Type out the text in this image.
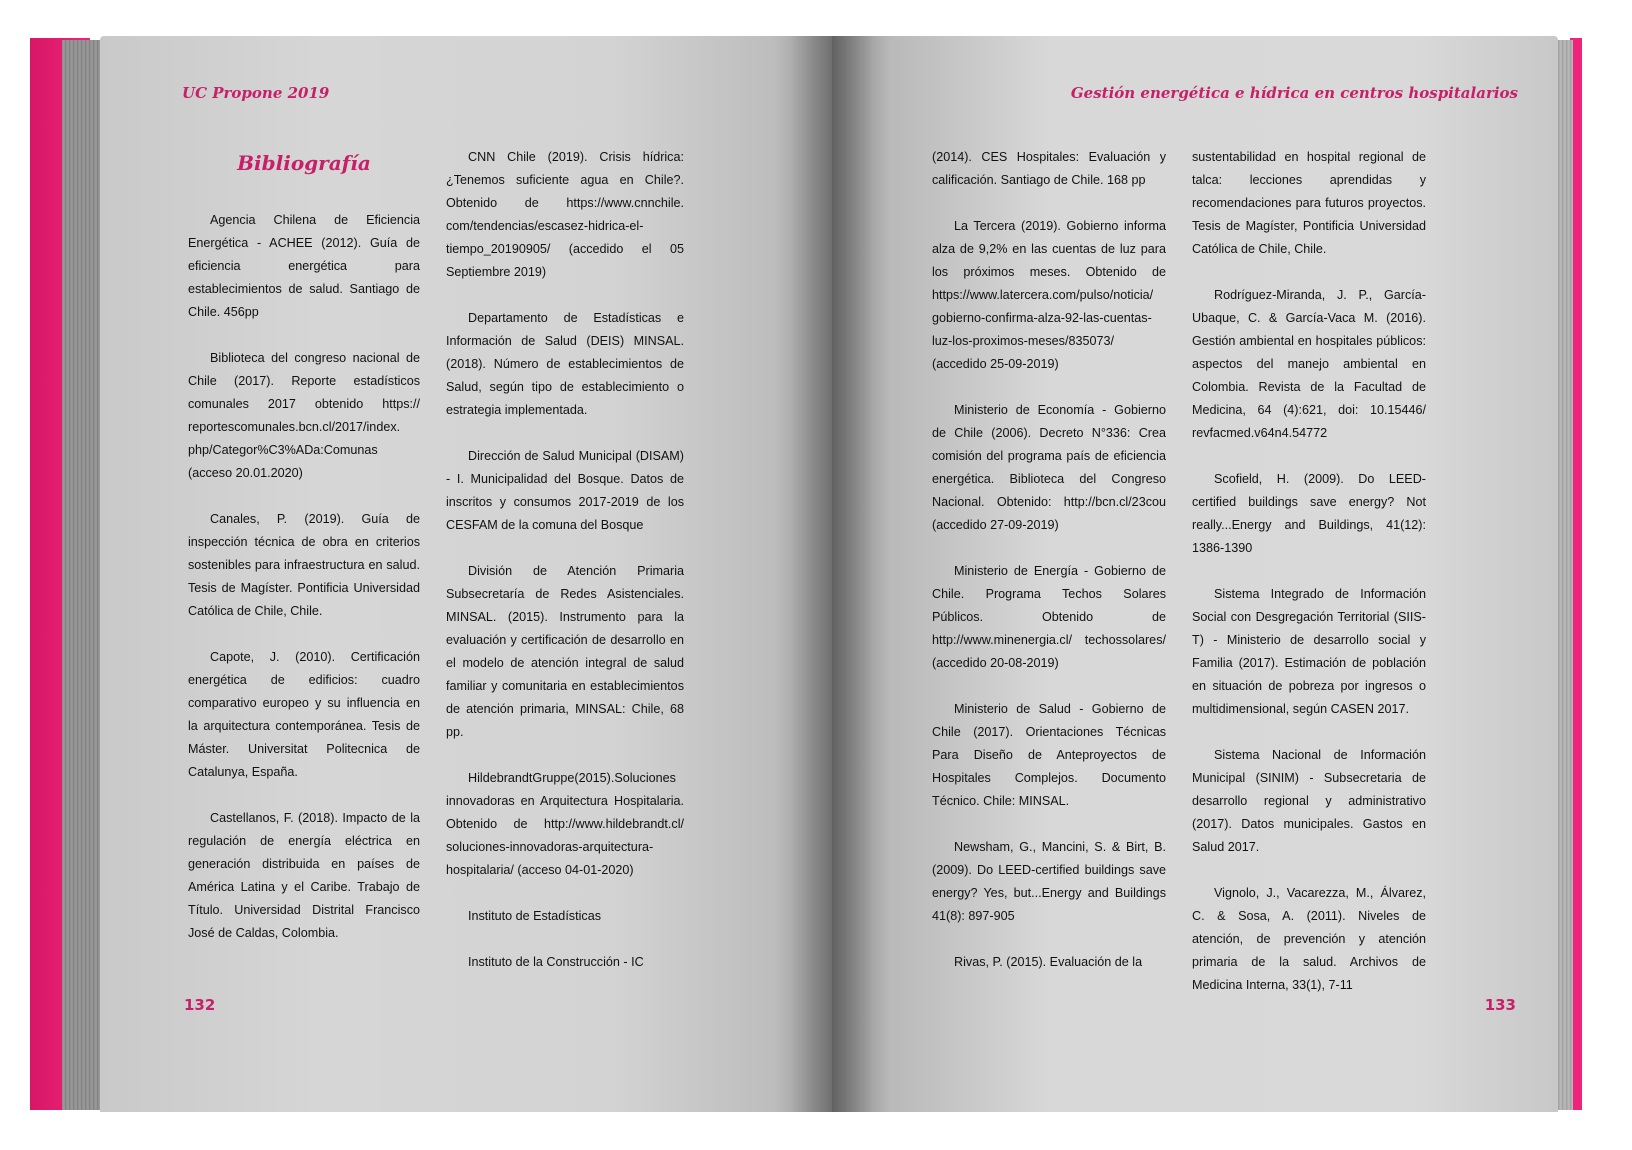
UC Propone 2019
Bibliografía

Agencia Chilena de Eficiencia Energética - ACHEE (2012). Guía de eficiencia energética para establecimientos de salud. Santiago de Chile. 456pp

Biblioteca del congreso nacional de Chile (2017). Reporte estadísticos comunales 2017 obtenido https:// reportescomunales.bcn.cl/2017/index. php/Categor%C3%ADa:Comunas (acceso 20.01.2020)

Canales, P. (2019). Guía de inspección técnica de obra en criterios sostenibles para infraestructura en salud. Tesis de Magíster. Pontificia Universidad Católica de Chile, Chile.

Capote, J. (2010). Certificación energética de edificios: cuadro comparativo europeo y su influencia en la arquitectura contemporánea. Tesis de Máster. Universitat Politecnica de Catalunya, España.

Castellanos, F. (2018). Impacto de la regulación de energía eléctrica en generación distribuida en países de América Latina y el Caribe. Trabajo de Título. Universidad Distrital Francisco José de Caldas, Colombia.

CNN Chile (2019). Crisis hídrica: ¿Tenemos suficiente agua en Chile?. Obtenido de https://www.cnnchile. com/tendencias/escasez-hidrica-el-tiempo_20190905/ (accedido el 05 Septiembre 2019)

Departamento de Estadísticas e Información de Salud (DEIS) MINSAL. (2018). Número de establecimientos de Salud, según tipo de establecimiento o estrategia implementada.

Dirección de Salud Municipal (DISAM) - I. Municipalidad del Bosque. Datos de inscritos y consumos 2017-2019 de los CESFAM de la comuna del Bosque

División de Atención Primaria Subsecretaría de Redes Asistenciales. MINSAL. (2015). Instrumento para la evaluación y certificación de desarrollo en el modelo de atención integral de salud familiar y comunitaria en establecimientos de atención primaria, MINSAL: Chile, 68 pp.

HildebrandtGruppe(2015).Soluciones innovadoras en Arquitectura Hospitalaria. Obtenido de http://www.hildebrandt.cl/ soluciones-innovadoras-arquitectura-hospitalaria/ (acceso 04-01-2020)

Instituto de Estadísticas

Instituto de la Construcción - IC

132
Gestión energética e hídrica en centros hospitalarios

(2014). CES Hospitales: Evaluación y calificación. Santiago de Chile. 168 pp

La Tercera (2019). Gobierno informa alza de 9,2% en las cuentas de luz para los próximos meses. Obtenido de https://www.latercera.com/pulso/noticia/ gobierno-confirma-alza-92-las-cuentas-luz-los-proximos-meses/835073/ (accedido 25-09-2019)

Ministerio de Economía - Gobierno de Chile (2006). Decreto N°336: Crea comisión del programa país de eficiencia energética. Biblioteca del Congreso Nacional. Obtenido: http://bcn.cl/23cou (accedido 27-09-2019)

Ministerio de Energía - Gobierno de Chile. Programa Techos Solares Públicos. Obtenido de http://www.minenergia.cl/ techossolares/ (accedido 20-08-2019)

Ministerio de Salud - Gobierno de Chile (2017). Orientaciones Técnicas Para Diseño de Anteproyectos de Hospitales Complejos. Documento Técnico. Chile: MINSAL.

Newsham, G., Mancini, S. & Birt, B. (2009). Do LEED-certified buildings save energy? Yes, but...Energy and Buildings 41(8): 897-905

Rivas, P. (2015). Evaluación de la

sustentabilidad en hospital regional de talca: lecciones aprendidas y recomendaciones para futuros proyectos. Tesis de Magíster, Pontificia Universidad Católica de Chile, Chile.

Rodríguez-Miranda, J. P., García-Ubaque, C. & García-Vaca M. (2016). Gestión ambiental en hospitales públicos: aspectos del manejo ambiental en Colombia. Revista de la Facultad de Medicina, 64 (4):621, doi: 10.15446/ revfacmed.v64n4.54772

Scofield, H. (2009). Do LEED-certified buildings save energy? Not really...Energy and Buildings, 41(12): 1386-1390

Sistema Integrado de Información Social con Desgregación Territorial (SIIS-T) - Ministerio de desarrollo social y Familia (2017). Estimación de población en situación de pobreza por ingresos o multidimensional, según CASEN 2017.

Sistema Nacional de Información Municipal (SINIM) - Subsecretaria de desarrollo regional y administrativo (2017). Datos municipales. Gastos en Salud 2017.

Vignolo, J., Vacarezza, M., Álvarez, C. & Sosa, A. (2011). Niveles de atención, de prevención y atención primaria de la salud. Archivos de Medicina Interna, 33(1), 7-11

133
